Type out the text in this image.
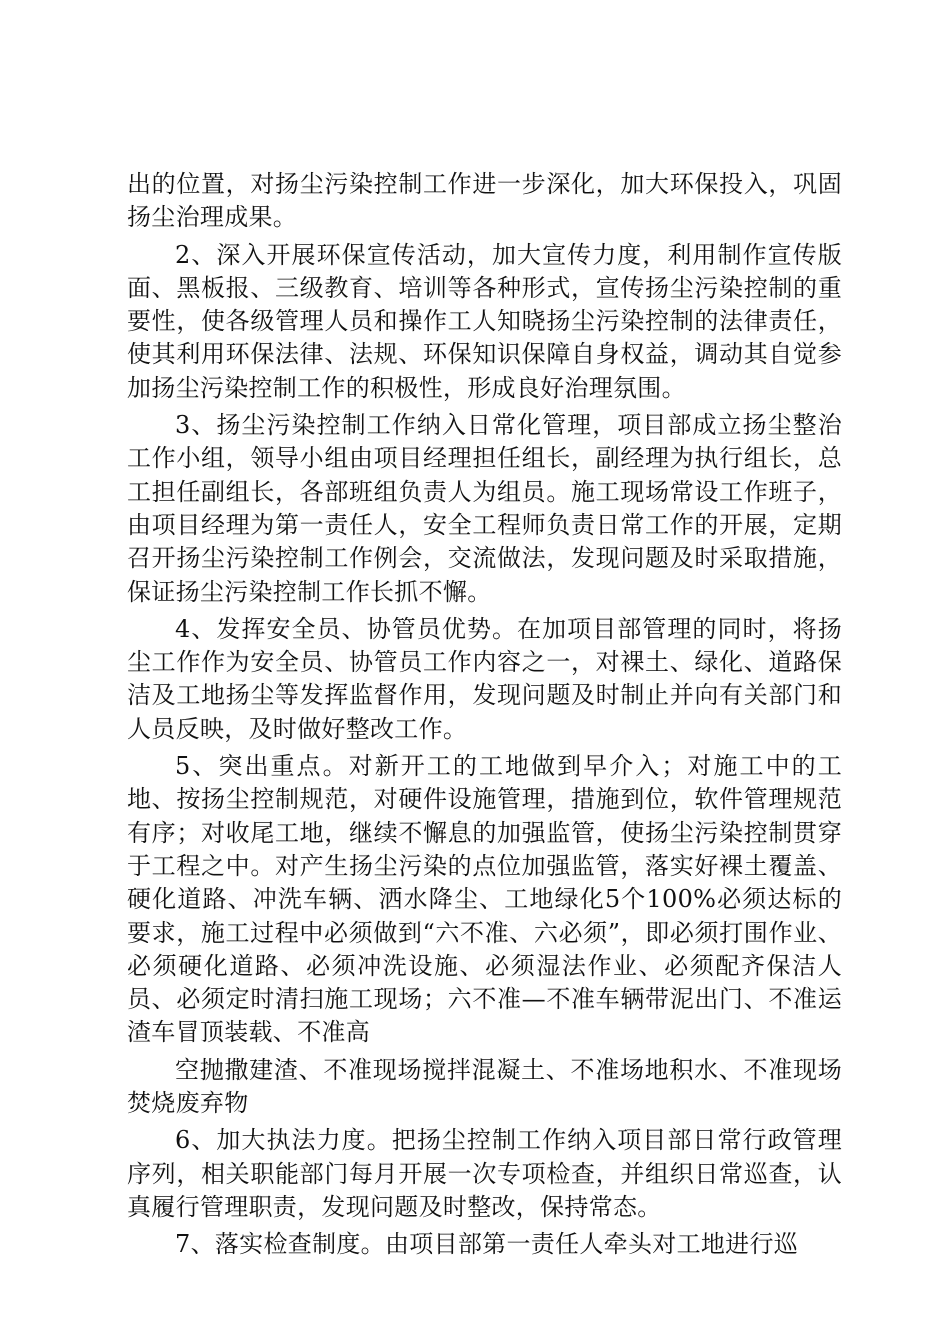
出的位置，对扬尘污染控制工作进一步深化，加大环保投入，巩固扬尘治理成果。

2、深入开展环保宣传活动，加大宣传力度，利用制作宣传版面、黑板报、三级教育、培训等各种形式，宣传扬尘污染控制的重要性，使各级管理人员和操作工人知晓扬尘污染控制的法律责任，使其利用环保法律、法规、环保知识保障自身权益，调动其自觉参加扬尘污染控制工作的积极性，形成良好治理氛围。

3、扬尘污染控制工作纳入日常化管理，项目部成立扬尘整治工作小组，领导小组由项目经理担任组长，副经理为执行组长，总工担任副组长，各部班组负责人为组员。施工现场常设工作班子，由项目经理为第一责任人，安全工程师负责日常工作的开展，定期召开扬尘污染控制工作例会，交流做法，发现问题及时采取措施，保证扬尘污染控制工作长抓不懈。

4、发挥安全员、协管员优势。在加项目部管理的同时，将扬尘工作作为安全员、协管员工作内容之一，对裸土、绿化、道路保洁及工地扬尘等发挥监督作用，发现问题及时制止并向有关部门和人员反映，及时做好整改工作。

5、突出重点。对新开工的工地做到早介入；对施工中的工地、按扬尘控制规范，对硬件设施管理，措施到位，软件管理规范有序；对收尾工地，继续不懈息的加强监管，使扬尘污染控制贯穿于工程之中。对产生扬尘污染的点位加强监管，落实好裸土覆盖、硬化道路、冲洗车辆、洒水降尘、工地绿化5个100%必须达标的要求，施工过程中必须做到“六不准、六必须”，即必须打围作业、必须硬化道路、必须冲洗设施、必须湿法作业、必须配齐保洁人员、必须定时清扫施工现场；六不准—不准车辆带泥出门、不准运渣车冒顶装载、不准高

空抛撒建渣、不准现场搅拌混凝土、不准场地积水、不准现场焚烧废弃物

6、加大执法力度。把扬尘控制工作纳入项目部日常行政管理序列，相关职能部门每月开展一次专项检查，并组织日常巡查，认真履行管理职责，发现问题及时整改，保持常态。

7、落实检查制度。由项目部第一责任人牵头对工地进行巡
